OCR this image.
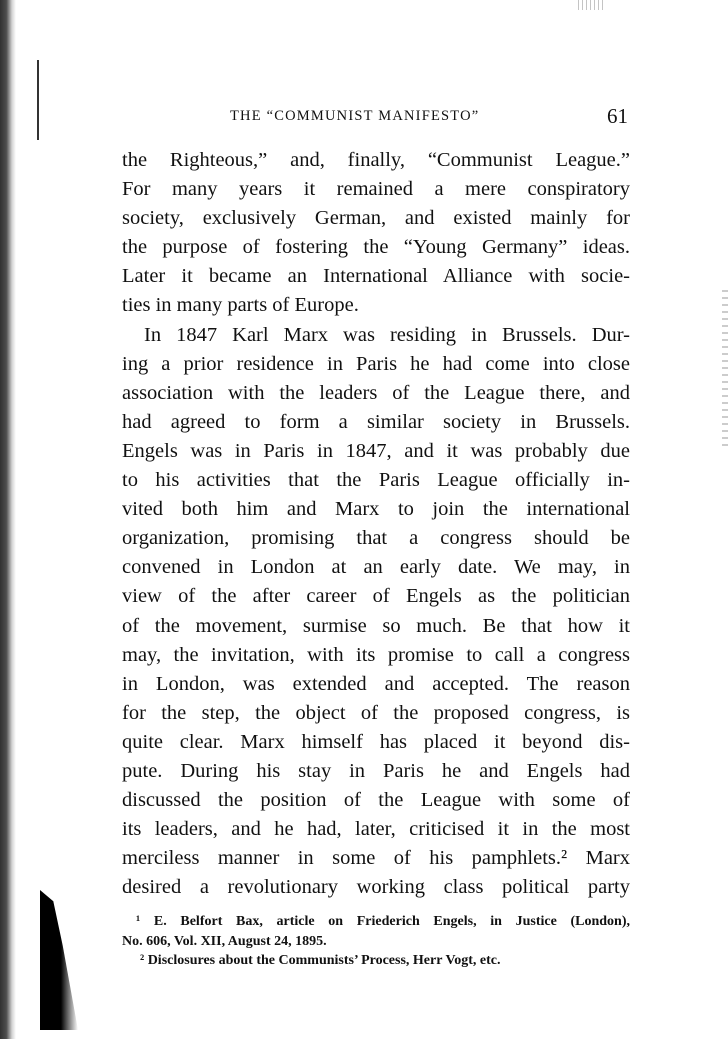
THE “COMMUNIST MANIFESTO”	61
the Righteous,” and, finally, “Communist League.”
For many years it remained a mere conspiratory
society, exclusively German, and existed mainly for
the purpose of fostering the “Young Germany” ideas.
Later it became an International Alliance with socie-
ties in many parts of Europe.
In 1847 Karl Marx was residing in Brussels. Dur-
ing a prior residence in Paris he had come into close
association with the leaders of the League there, and
had agreed to form a similar society in Brussels.
Engels was in Paris in 1847, and it was probably due
to his activities that the Paris League officially in-
vited both him and Marx to join the international
organization, promising that a congress should be
convened in London at an early date. We may, in
view of the after career of Engels as the politician
of the movement, surmise so much. Be that how it
may, the invitation, with its promise to call a congress
in London, was extended and accepted. The reason
for the step, the object of the proposed congress, is
quite clear. Marx himself has placed it beyond dis-
pute. During his stay in Paris he and Engels had
discussed the position of the League with some of
its leaders, and he had, later, criticised it in the most
merciless manner in some of his pamphlets.² Marx
desired a revolutionary working class political party
¹ E. Belfort Bax, article on Friederich Engels, in Justice (London),
No. 606, Vol. XII, August 24, 1895.
² Disclosures about the Communists’ Process, Herr Vogt, etc.
